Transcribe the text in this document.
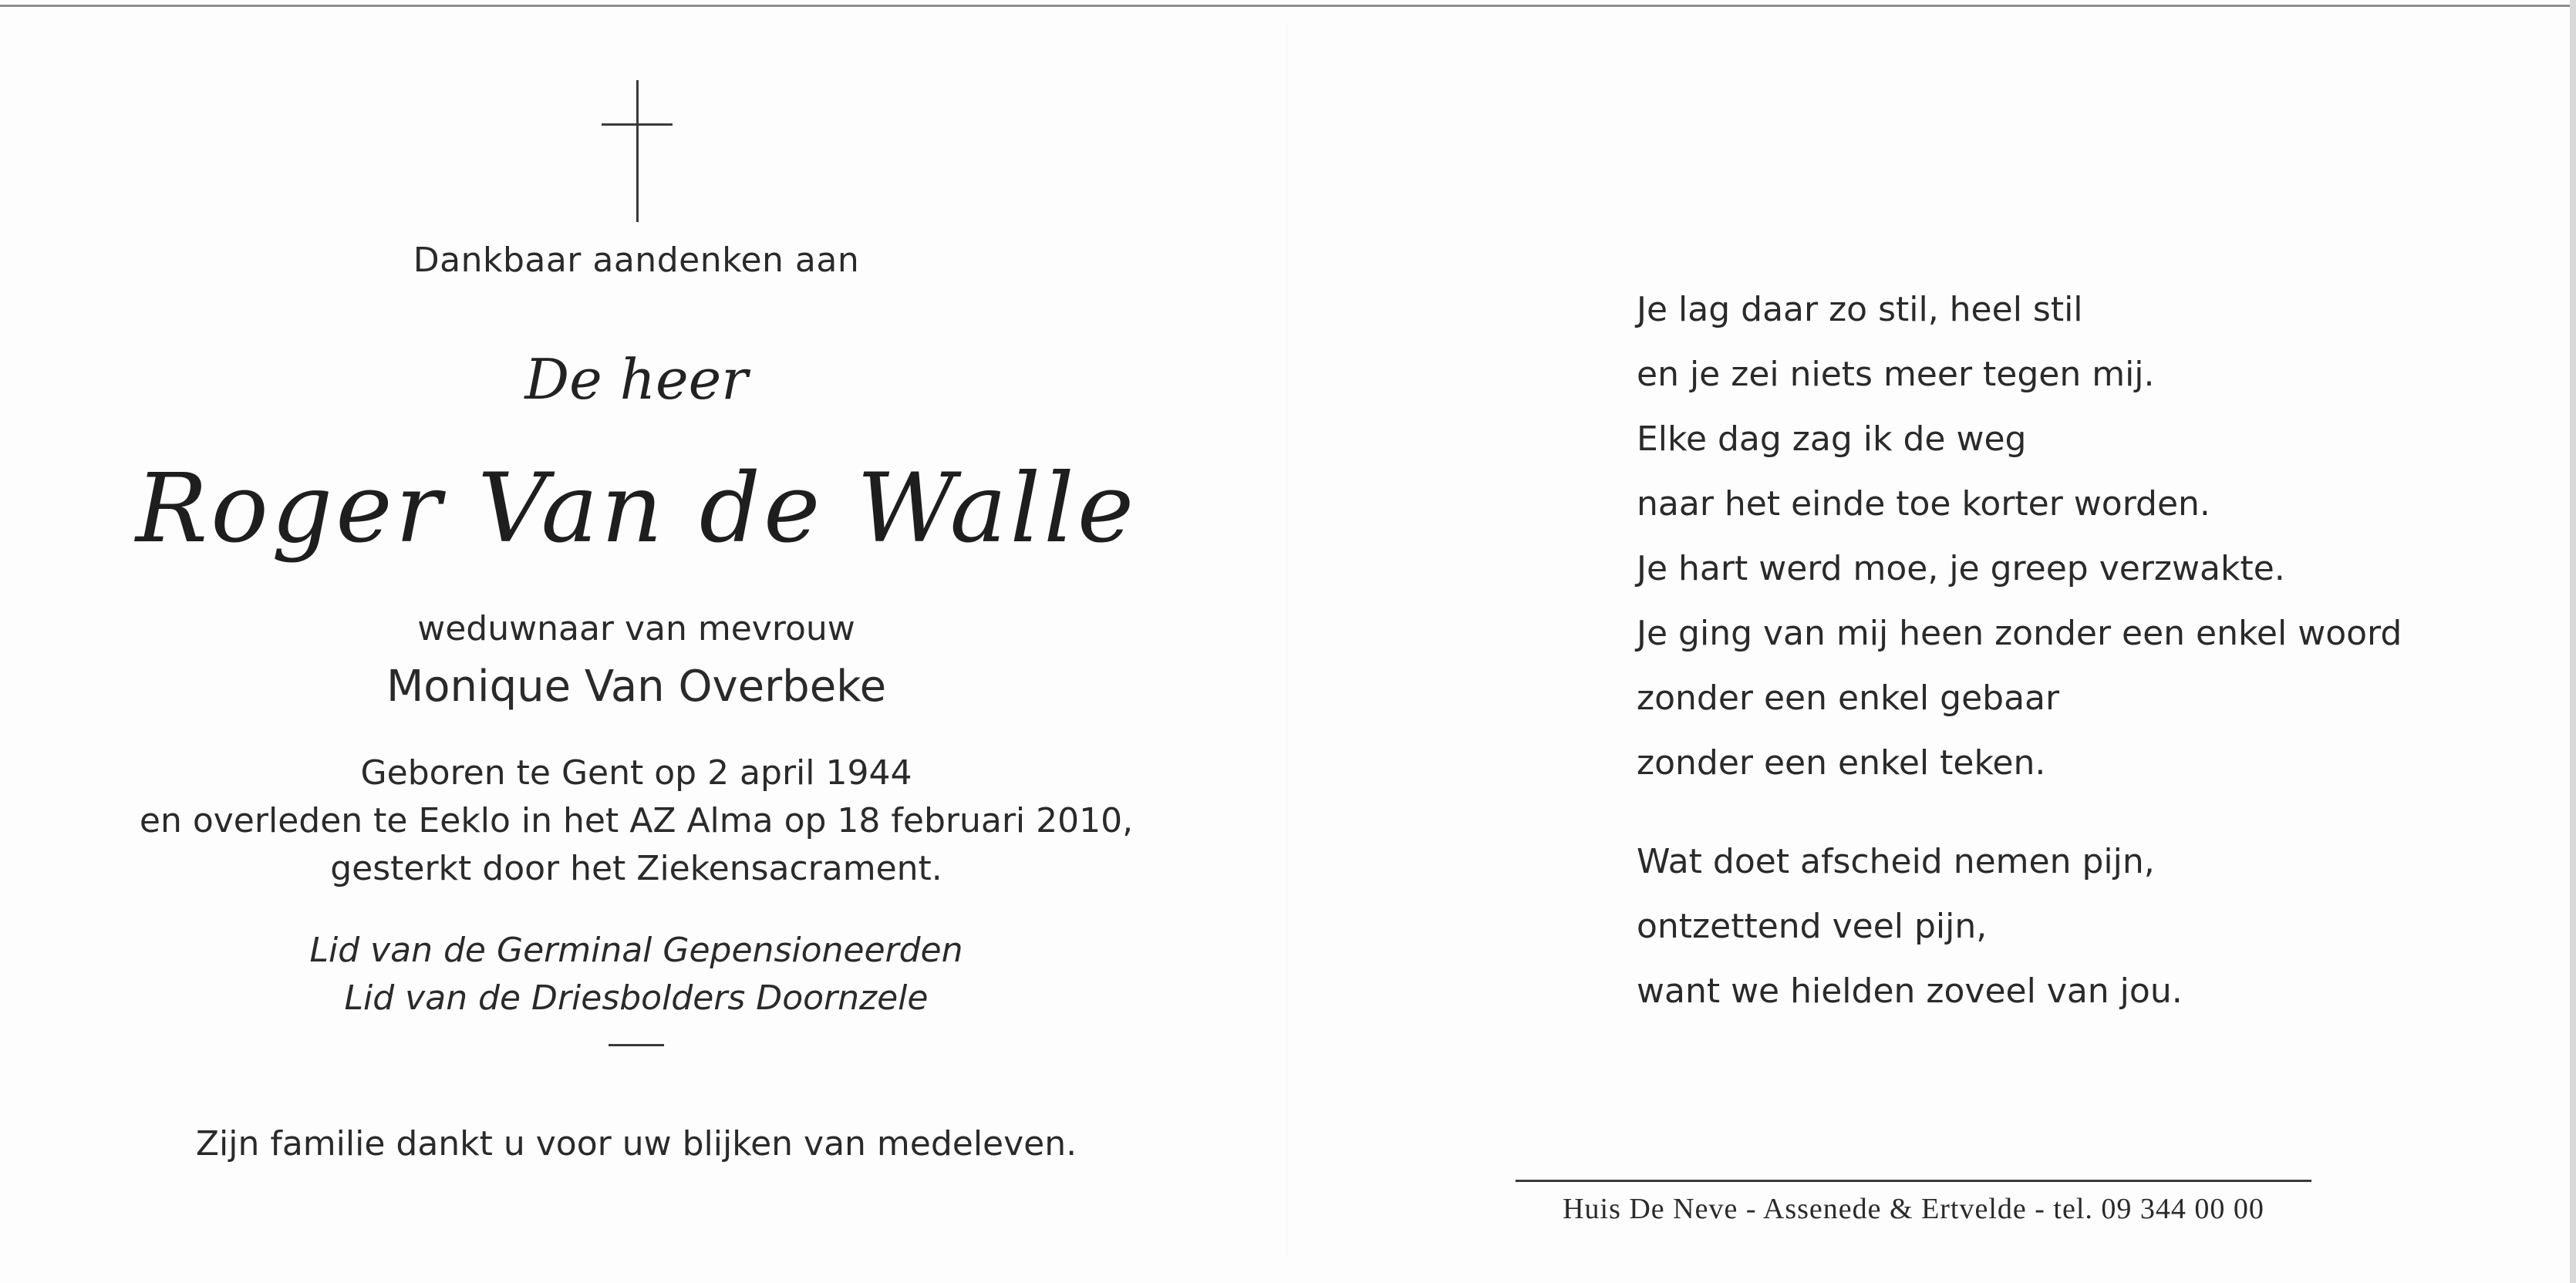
Dankbaar aandenken aan
De heer
Roger Van de Walle
weduwnaar van mevrouw
Monique Van Overbeke
Geboren te Gent op 2 april 1944
en overleden te Eeklo in het AZ Alma op 18 februari 2010,
gesterkt door het Ziekensacrament.
Lid van de Germinal Gepensioneerden
Lid van de Driesbolders Doornzele
Zijn familie dankt u voor uw blijken van medeleven.
Je lag daar zo stil, heel stil
en je zei niets meer tegen mij.
Elke dag zag ik de weg
naar het einde toe korter worden.
Je hart werd moe, je greep verzwakte.
Je ging van mij heen zonder een enkel woord
zonder een enkel gebaar
zonder een enkel teken.
Wat doet afscheid nemen pijn,
ontzettend veel pijn,
want we hielden zoveel van jou.
Huis De Neve - Assenede & Ertvelde - tel. 09 344 00 00
